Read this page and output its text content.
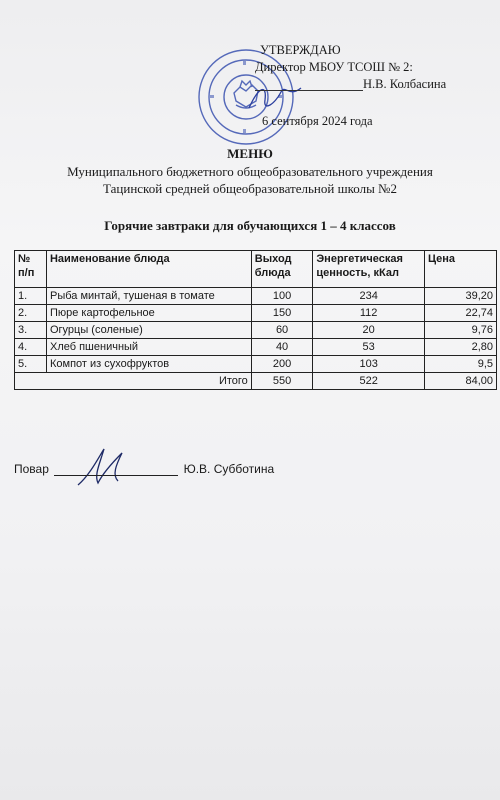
УТВЕРЖДАЮ
Директор МБОУ ТСОШ № 2:
Н.В. Колбасина
6 сентября 2024 года
МЕНЮ
Муниципального бюджетного общеобразовательного учреждения
Тацинской средней общеобразовательной школы №2
Горячие завтраки для обучающихся 1 – 4 классов
№ п/п	Наименование блюда	Выход блюда	Энергетическая ценность, кКал	Цена
1.	Рыба минтай, тушеная в томате	100	234	39,20
2.	Пюре картофельное	150	112	22,74
3.	Огурцы (соленые)	60	20	9,76
4.	Хлеб пшеничный	40	53	2,80
5.	Компот из сухофруктов	200	103	9,5
Итого		550	522	84,00
Повар	Ю.В. Субботина
